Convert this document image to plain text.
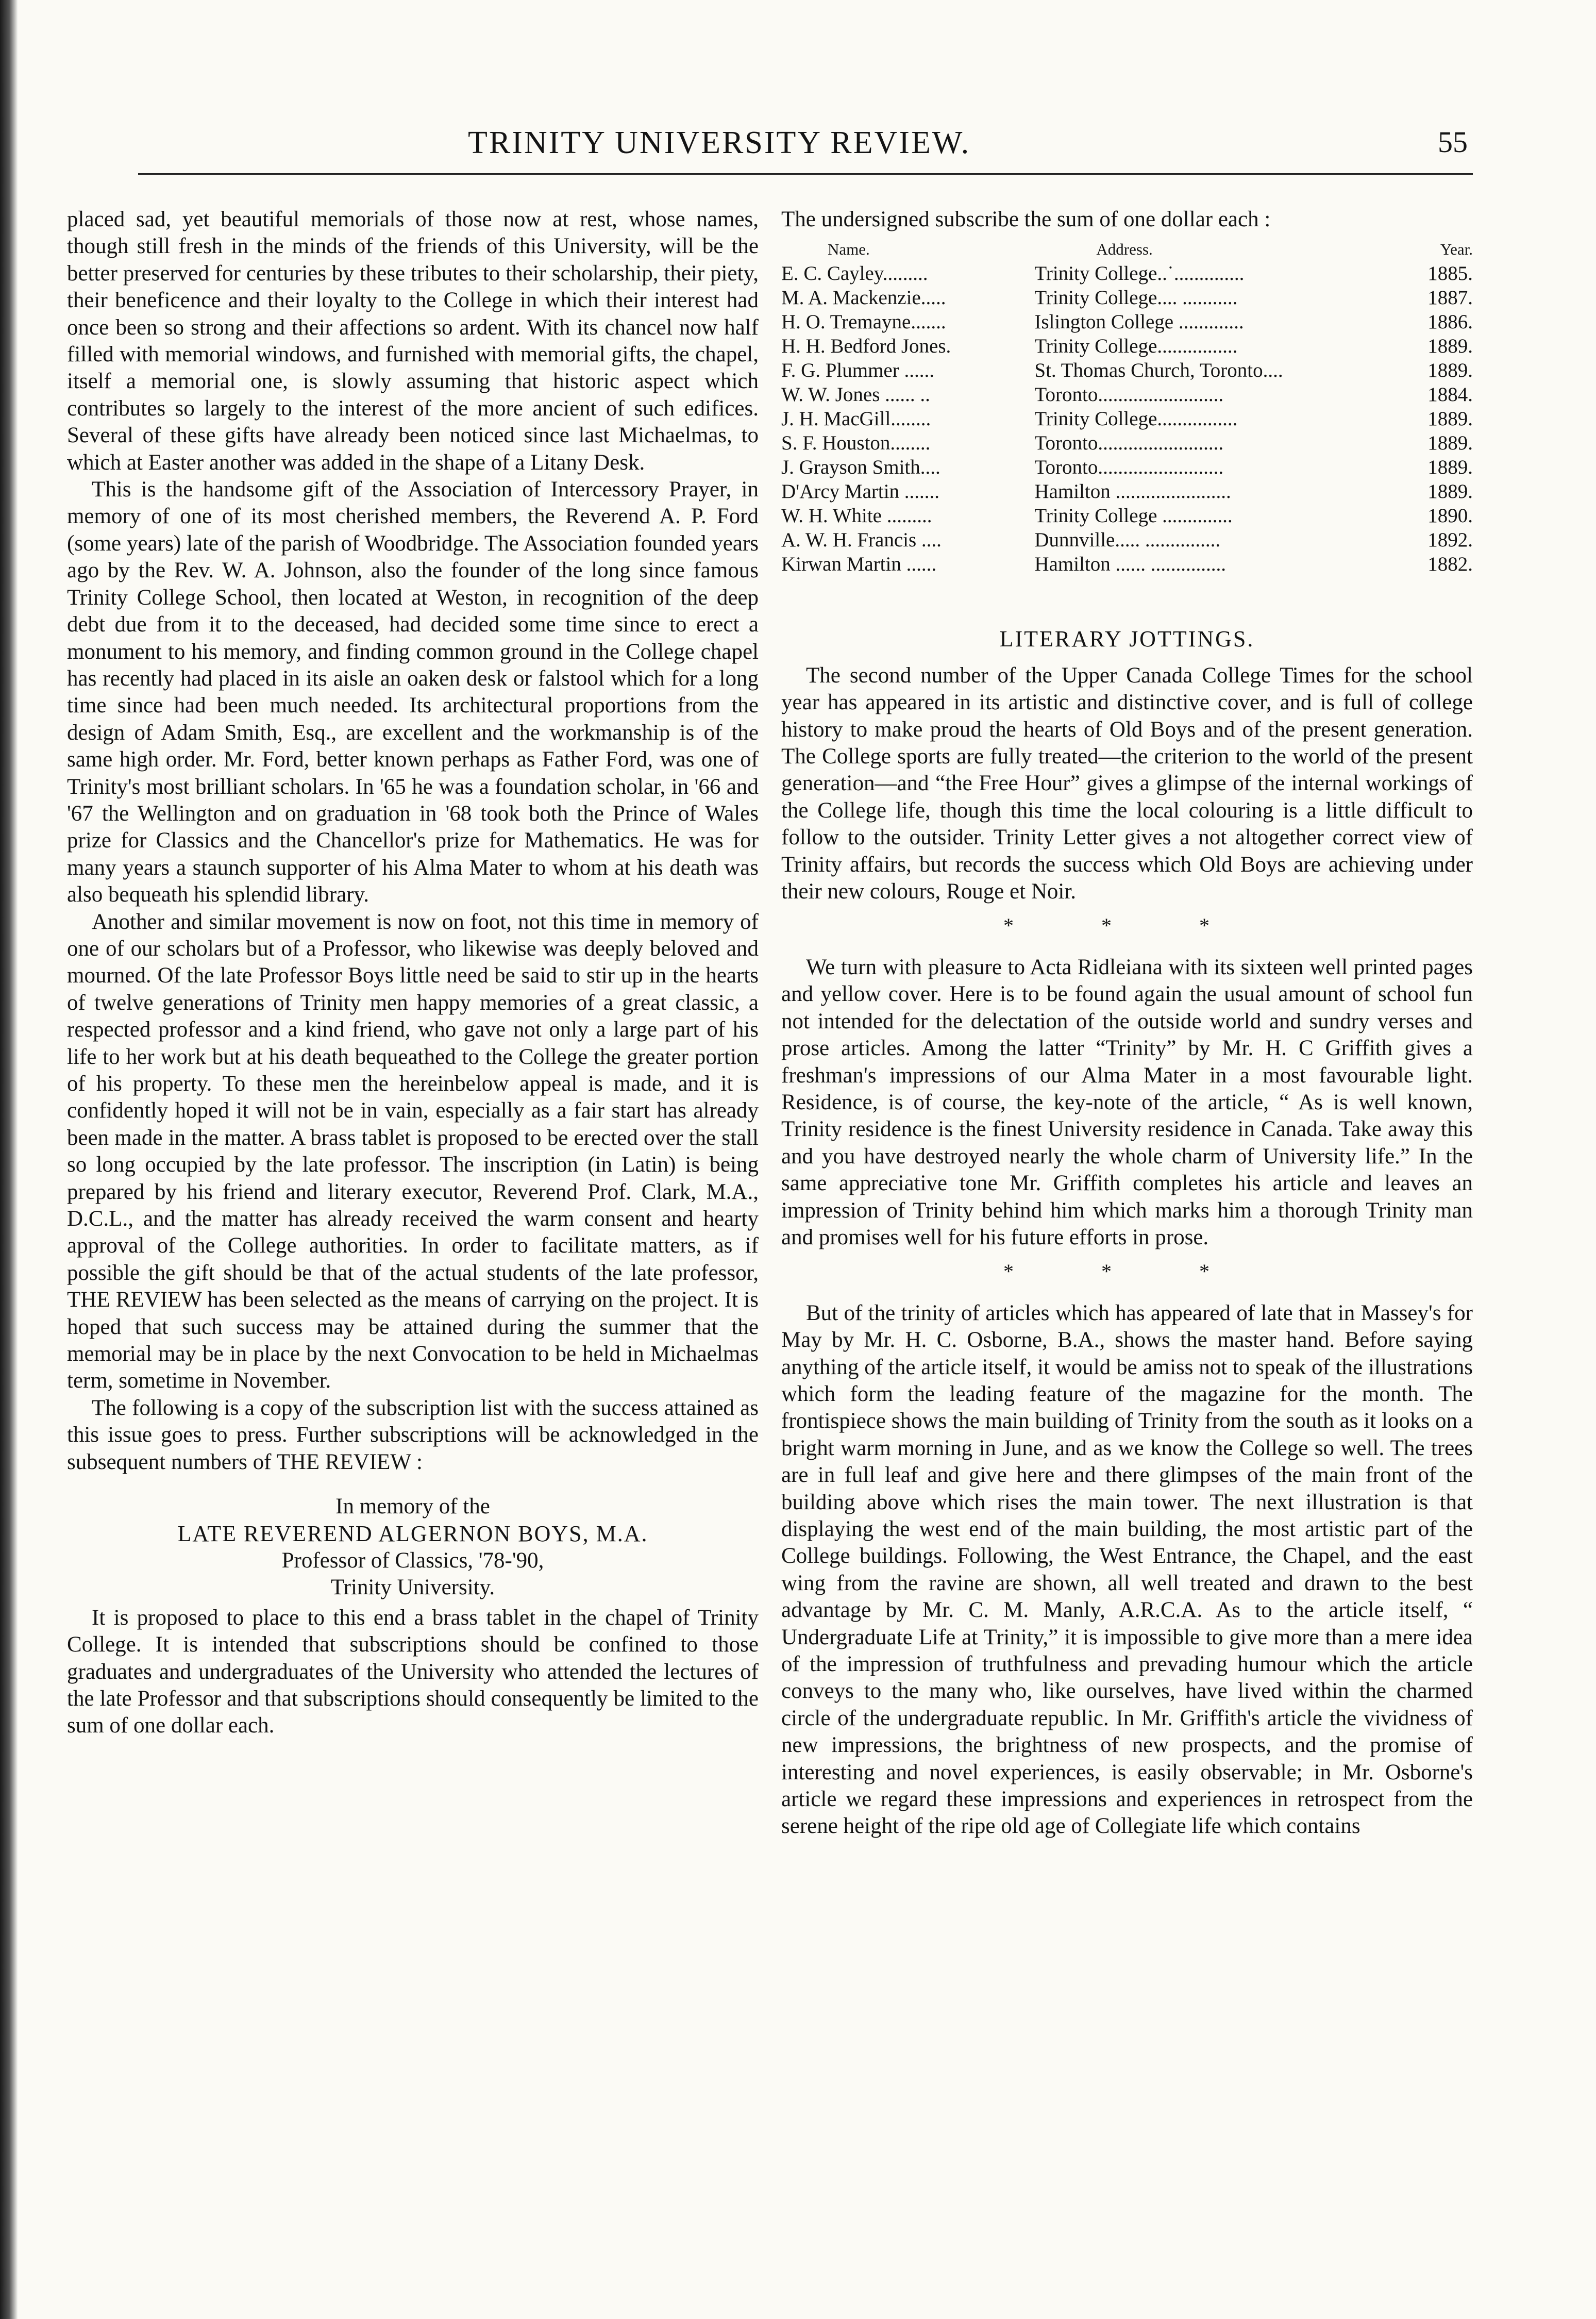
TRINITY UNIVERSITY REVIEW.	55

placed sad, yet beautiful memorials of those now at rest, whose names, though still fresh in the minds of the friends of this University, will be the better preserved for centuries by these tributes to their scholarship, their piety, their beneficence and their loyalty to the College in which their interest had once been so strong and their affections so ardent. With its chancel now half filled with memorial windows, and furnished with memorial gifts, the chapel, itself a memorial one, is slowly assuming that historic aspect which contributes so largely to the interest of the more ancient of such edifices. Several of these gifts have already been noticed since last Michaelmas, to which at Easter another was added in the shape of a Litany Desk.

This is the handsome gift of the Association of Intercessory Prayer, in memory of one of its most cherished members, the Reverend A. P. Ford (some years) late of the parish of Woodbridge. The Association founded years ago by the Rev. W. A. Johnson, also the founder of the long since famous Trinity College School, then located at Weston, in recognition of the deep debt due from it to the deceased, had decided some time since to erect a monument to his memory, and finding common ground in the College chapel has recently had placed in its aisle an oaken desk or falstool which for a long time since had been much needed. Its architectural proportions from the design of Adam Smith, Esq., are excellent and the workmanship is of the same high order. Mr. Ford, better known perhaps as Father Ford, was one of Trinity's most brilliant scholars. In '65 he was a foundation scholar, in '66 and '67 the Wellington and on graduation in '68 took both the Prince of Wales prize for Classics and the Chancellor's prize for Mathematics. He was for many years a staunch supporter of his Alma Mater to whom at his death was also bequeath his splendid library.

Another and similar movement is now on foot, not this time in memory of one of our scholars but of a Professor, who likewise was deeply beloved and mourned. Of the late Professor Boys little need be said to stir up in the hearts of twelve generations of Trinity men happy memories of a great classic, a respected professor and a kind friend, who gave not only a large part of his life to her work but at his death bequeathed to the College the greater portion of his property. To these men the hereinbelow appeal is made, and it is confidently hoped it will not be in vain, especially as a fair start has already been made in the matter. A brass tablet is proposed to be erected over the stall so long occupied by the late professor. The inscription (in Latin) is being prepared by his friend and literary executor, Reverend Prof. Clark, M.A., D.C.L., and the matter has already received the warm consent and hearty approval of the College authorities. In order to facilitate matters, as if possible the gift should be that of the actual students of the late professor, THE REVIEW has been selected as the means of carrying on the project. It is hoped that such success may be attained during the summer that the memorial may be in place by the next Convocation to be held in Michaelmas term, sometime in November.

The following is a copy of the subscription list with the success attained as this issue goes to press. Further subscriptions will be acknowledged in the subsequent numbers of THE REVIEW :

In memory of the
LATE REVEREND ALGERNON BOYS, M.A.
Professor of Classics, '78-'90,
Trinity University.

It is proposed to place to this end a brass tablet in the chapel of Trinity College. It is intended that subscriptions should be confined to those graduates and undergraduates of the University who attended the lectures of the late Professor and that subscriptions should consequently be limited to the sum of one dollar each.

The undersigned subscribe the sum of one dollar each :

Name.	Address.	Year.
E. C. Cayley.........	Trinity College..˙..............	1885.
M. A. Mackenzie.....	Trinity College.... ...........	1887.
H. O. Tremayne.......	Islington College .............	1886.
H. H. Bedford Jones.	Trinity College................	1889.
F. G. Plummer ......	St. Thomas Church, Toronto....	1889.
W. W. Jones ...... ..	Toronto.........................	1884.
J. H. MacGill........	Trinity College................	1889.
S. F. Houston........	Toronto.........................	1889.
J. Grayson Smith....	Toronto.........................	1889.
D'Arcy Martin .......	Hamilton .......................	1889.
W. H. White .........	Trinity College ..............	1890.
A. W. H. Francis ....	Dunnville..... ...............	1892.
Kirwan Martin ......	Hamilton ...... ...............	1882.
LITERARY JOTTINGS.

The second number of the Upper Canada College Times for the school year has appeared in its artistic and distinctive cover, and is full of college history to make proud the hearts of Old Boys and of the present generation. The College sports are fully treated—the criterion to the world of the present generation—and “the Free Hour” gives a glimpse of the internal workings of the College life, though this time the local colouring is a little difficult to follow to the outsider. Trinity Letter gives a not altogether correct view of Trinity affairs, but records the success which Old Boys are achieving under their new colours, Rouge et Noir.

* * *

We turn with pleasure to Acta Ridleiana with its sixteen well printed pages and yellow cover. Here is to be found again the usual amount of school fun not intended for the delectation of the outside world and sundry verses and prose articles. Among the latter “Trinity” by Mr. H. C Griffith gives a freshman's impressions of our Alma Mater in a most favourable light. Residence, is of course, the key-note of the article, “ As is well known, Trinity residence is the finest University residence in Canada. Take away this and you have destroyed nearly the whole charm of University life.” In the same appreciative tone Mr. Griffith completes his article and leaves an impression of Trinity behind him which marks him a thorough Trinity man and promises well for his future efforts in prose.

* * *

But of the trinity of articles which has appeared of late that in Massey's for May by Mr. H. C. Osborne, B.A., shows the master hand. Before saying anything of the article itself, it would be amiss not to speak of the illustrations which form the leading feature of the magazine for the month. The frontispiece shows the main building of Trinity from the south as it looks on a bright warm morning in June, and as we know the College so well. The trees are in full leaf and give here and there glimpses of the main front of the building above which rises the main tower. The next illustration is that displaying the west end of the main building, the most artistic part of the College buildings. Following, the West Entrance, the Chapel, and the east wing from the ravine are shown, all well treated and drawn to the best advantage by Mr. C. M. Manly, A.R.C.A. As to the article itself, “ Undergraduate Life at Trinity,” it is impossible to give more than a mere idea of the impression of truthfulness and prevading humour which the article conveys to the many who, like ourselves, have lived within the charmed circle of the undergraduate republic. In Mr. Griffith's article the vividness of new impressions, the brightness of new prospects, and the promise of interesting and novel experiences, is easily observable; in Mr. Osborne's article we regard these impressions and experiences in retrospect from the serene height of the ripe old age of Collegiate life which contains
